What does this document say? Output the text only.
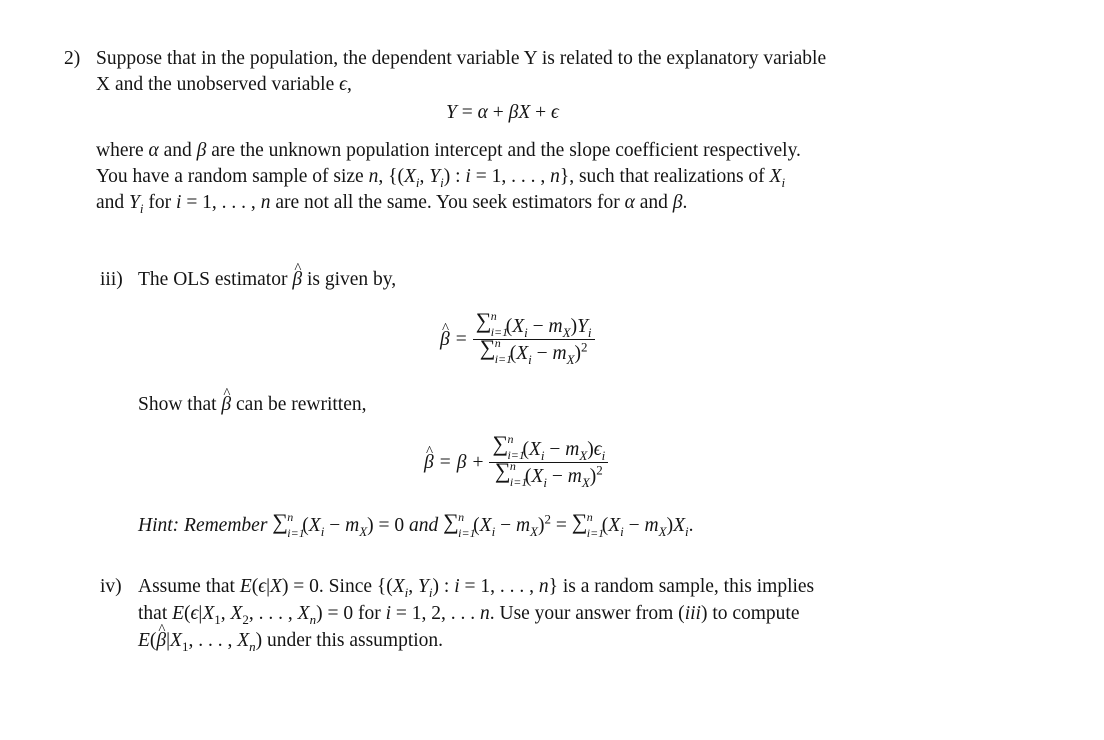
2) Suppose that in the population, the dependent variable Y is related to the explanatory variable
X and the unobserved variable ϵ,
Y = α + βX + ϵ
where α and β are the unknown population intercept and the slope coefficient respectively.
You have a random sample of size n, {($X_i$, $Y_i$) : i = 1, . . . , n}, such that realizations of $X_i$
and $Y_i$ for i = 1, . . . , n are not all the same. You seek estimators for α and β.
iii) The OLS estimator ^ β is given by,
^ β = ∑ n
i=1
$(X_i - m_X)Y_i$
∑ n
i=1
$(X_i - m_X)^2$
Show that ^ β can be rewritten,
^ β = β + ∑ n
i=1
$(X_i - m_X)\epsilon_i$
∑ n
i=1
$(X_i - m_X)^2$
Hint: Remember ∑ n
i=1
$(X_i - m_X) = 0$ and ∑ n
i=1
$(X_i - m_X)^2$ = ∑ n
i=1
$(X_i - m_X)X_i$.
iv) Assume that E(ϵ|X) = 0. Since {($X_i$, $Y_i$) : i = 1, . . . , n} is a random sample, this implies
that $E(\epsilon|X_1$, $X_2$, . . . , $X_n) = 0$ for i = 1, 2, . . . n. Use your answer from (iii) to compute
E(^ $\beta|X_1$, . . . , $X_n$) under this assumption.
